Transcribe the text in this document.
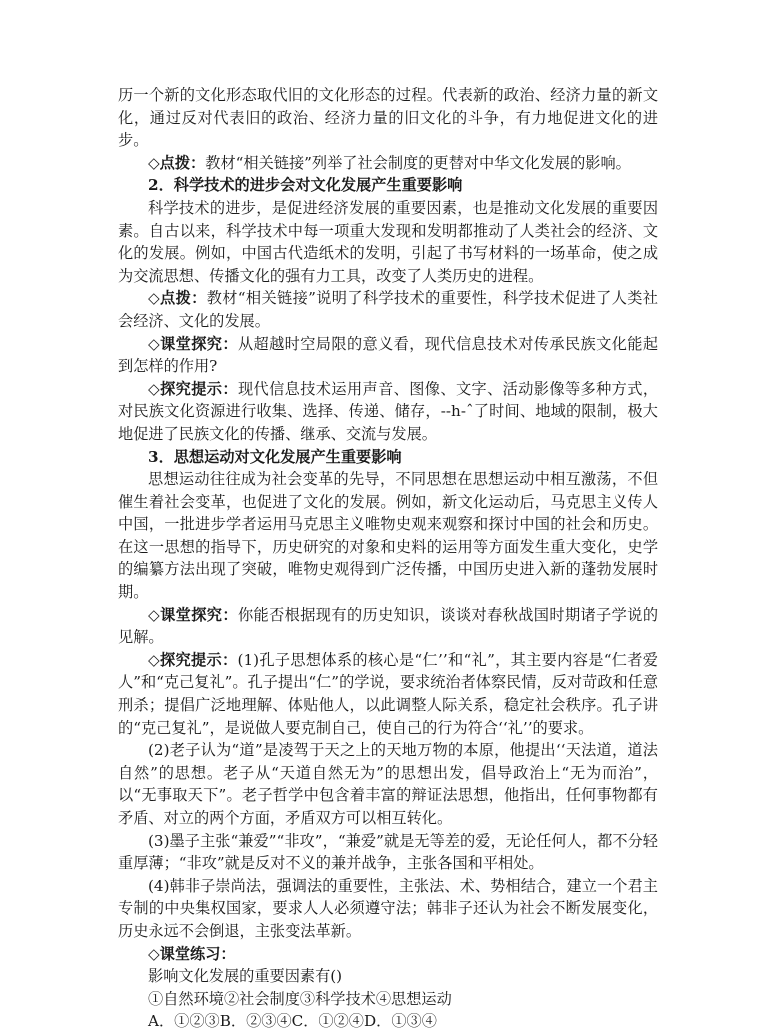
历一个新的文化形态取代旧的文化形态的过程。代表新的政治、经济力量的新文化，通过反对代表旧的政治、经济力量的旧文化的斗争，有力地促进文化的进步。

◇点拨：教材“相关链接”列举了社会制度的更替对中华文化发展的影响。

2．科学技术的进步会对文化发展产生重要影响

科学技术的进步，是促进经济发展的重要因素，也是推动文化发展的重要因素。自古以来，科学技术中每一项重大发现和发明都推动了人类社会的经济、文化的发展。例如，中国古代造纸术的发明，引起了书写材料的一场革命，使之成为交流思想、传播文化的强有力工具，改变了人类历史的进程。

◇点拨：教材“相关链接”说明了科学技术的重要性，科学技术促进了人类社会经济、文化的发展。

◇课堂探究：从超越时空局限的意义看，现代信息技术对传承民族文化能起到怎样的作用?

◇探究提示：现代信息技术运用声音、图像、文字、活动影像等多种方式，对民族文化资源进行收集、选择、传递、储存，--h-ˆ了时间、地域的限制，极大地促进了民族文化的传播、继承、交流与发展。

3．思想运动对文化发展产生重要影响

思想运动往往成为社会变革的先导，不同思想在思想运动中相互激荡，不但催生着社会变革，也促进了文化的发展。例如，新文化运动后，马克思主义传人中国，一批进步学者运用马克思主义唯物史观来观察和探讨中国的社会和历史。在这一思想的指导下，历史研究的对象和史料的运用等方面发生重大变化，史学的编纂方法出现了突破，唯物史观得到广泛传播，中国历史进入新的蓬勃发展时期。

◇课堂探究：你能否根据现有的历史知识，谈谈对春秋战国时期诸子学说的见解。

◇探究提示：(1)孔子思想体系的核心是“仁’’和“礼”，其主要内容是“仁者爱人”和“克己复礼”。孔子提出“仁”的学说，要求统治者体察民情，反对苛政和任意刑杀；提倡广泛地理解、体贴他人，以此调整人际关系，稳定社会秩序。孔子讲的“克己复礼”，是说做人要克制自己，使自己的行为符合‘‘礼’’的要求。

(2)老子认为“道”是凌驾于天之上的天地万物的本原，他提出‘‘天法道，道法自然”的思想。老子从“天道自然无为”的思想出发，倡导政治上“无为而治”，以“无事取天下”。老子哲学中包含着丰富的辩证法思想，他指出，任何事物都有矛盾、对立的两个方面，矛盾双方可以相互转化。

(3)墨子主张“兼爱”“非攻”，“兼爱”就是无等差的爱，无论任何人，都不分轻重厚薄；“非攻”就是反对不义的兼并战争，主张各国和平相处。

(4)韩非子崇尚法，强调法的重要性，主张法、术、势相结合，建立一个君主专制的中央集权国家，要求人人必须遵守法；韩非子还认为社会不断发展变化，历史永远不会倒退，主张变法革新。

◇课堂练习：

影响文化发展的重要因素有()

①自然环境②社会制度③科学技术④思想运动

A．①②③B．②③④C．①②④D．①③④
